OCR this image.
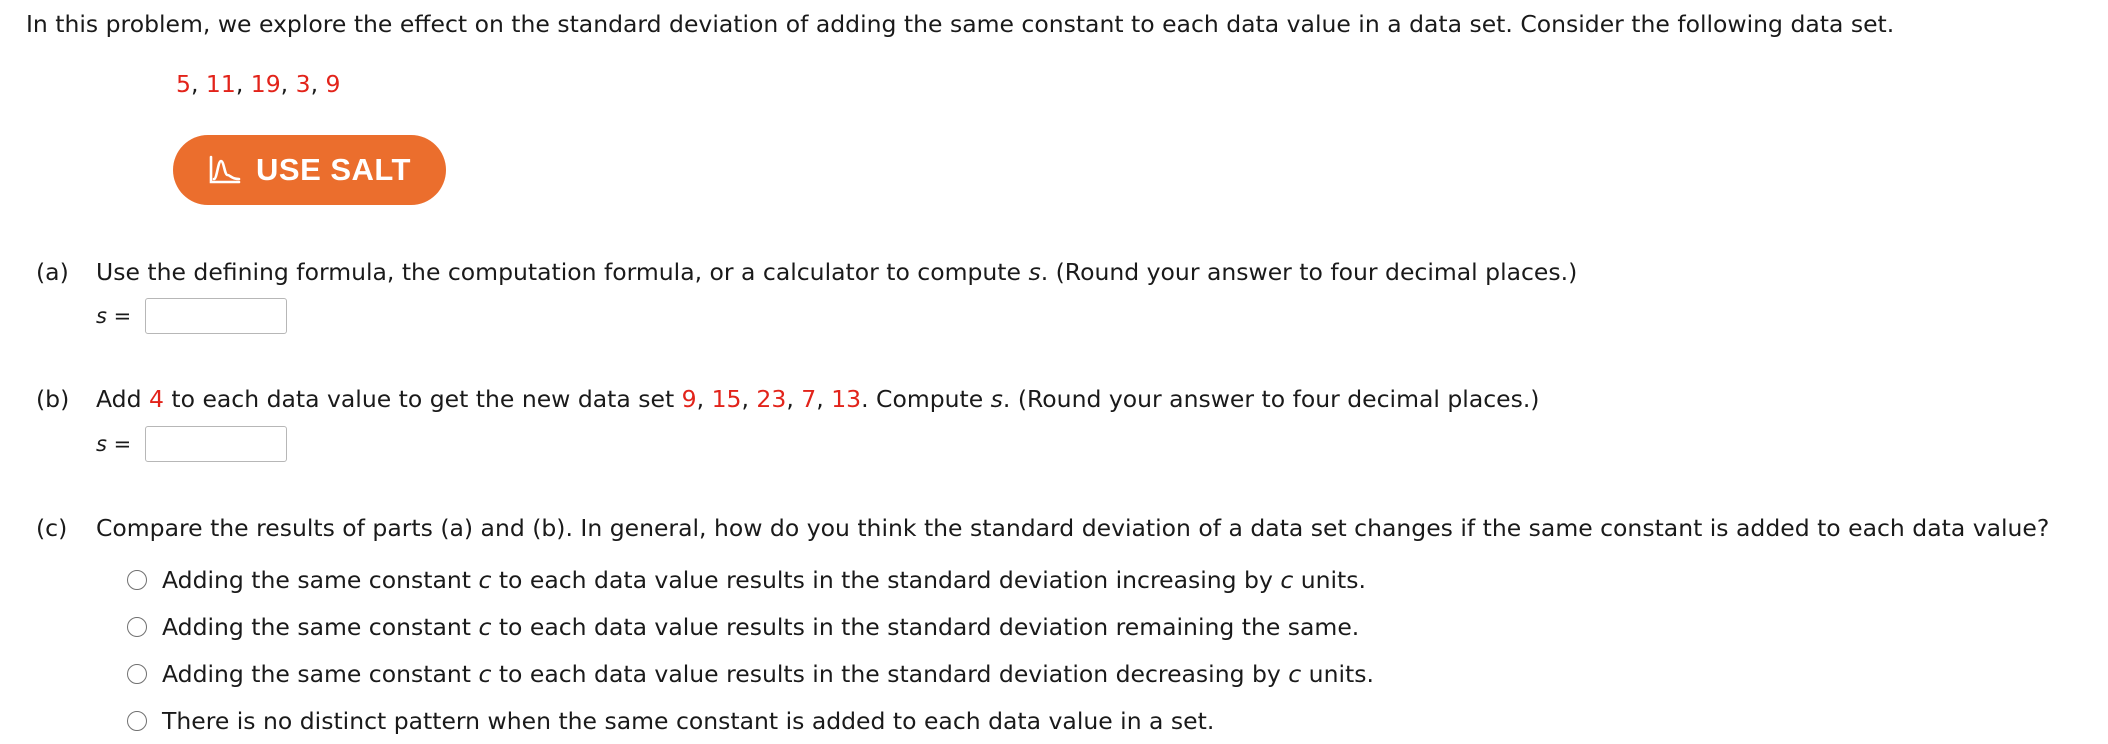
In this problem, we explore the effect on the standard deviation of adding the same constant to each data value in a data set. Consider the following data set.
5, 11, 19, 3, 9
USE SALT
(a) Use the defining formula, the computation formula, or a calculator to compute s. (Round your answer to four decimal places.)
s =
(b) Add 4 to each data value to get the new data set 9, 15, 23, 7, 13. Compute s. (Round your answer to four decimal places.)
s =
(c) Compare the results of parts (a) and (b). In general, how do you think the standard deviation of a data set changes if the same constant is added to each data value?
Adding the same constant c to each data value results in the standard deviation increasing by c units.
Adding the same constant c to each data value results in the standard deviation remaining the same.
Adding the same constant c to each data value results in the standard deviation decreasing by c units.
There is no distinct pattern when the same constant is added to each data value in a set.
